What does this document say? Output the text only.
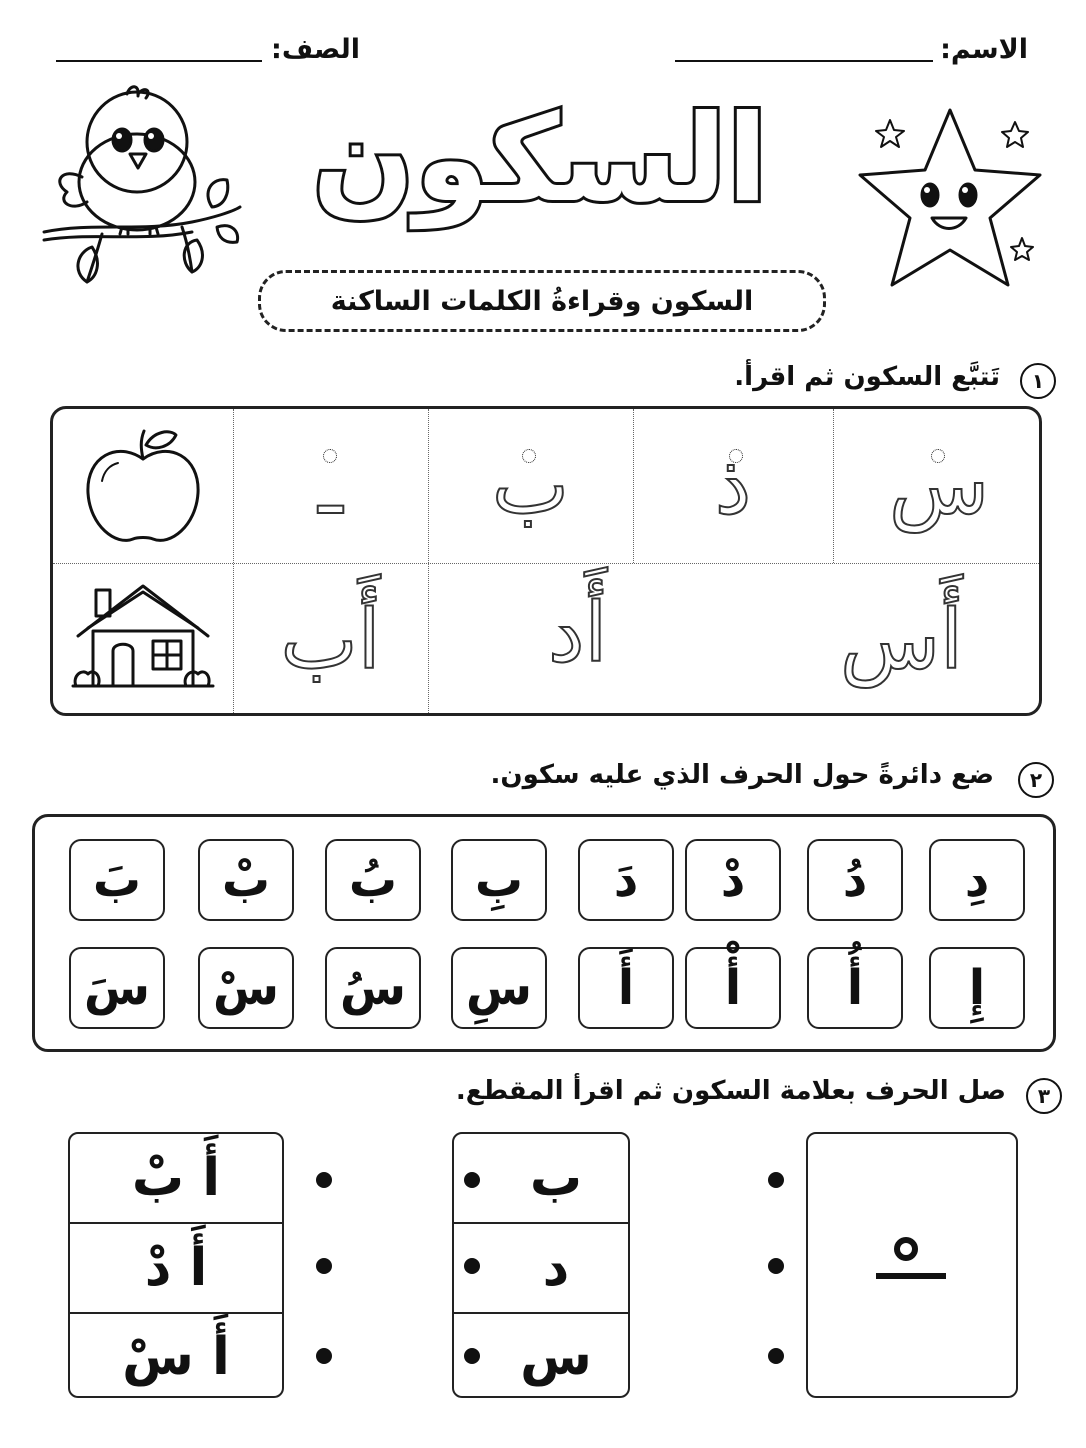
الاسم:
الصف:
السكون
السكون وقراءةُ الكلمات الساكنة
١
تَتبَّع السكون ثم اقرأ.
س
ذ
ب
ـ
أَس
أَد
أَب
٢
ضع دائرةً حول الحرف الذي عليه سكون.
دِ
دُ
دْ
دَ
بِ
بُ
بْ
بَ
إِ
أُ
أْ
أَ
سِ
سُ
سْ
سَ
٣
صل الحرف بعلامة السكون ثم اقرأ المقطع.
ب
د
س
أَ بْ
أَ دْ
أَ سْ
